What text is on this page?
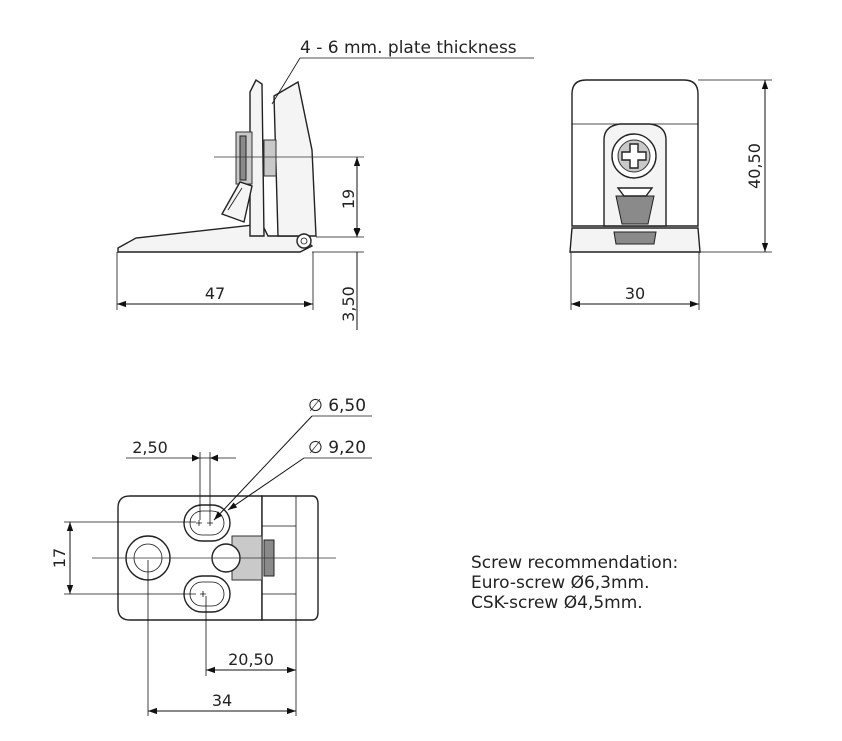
4 - 6 mm. plate thickness
19
3,50
47
40,50
30
2,50
∅ 6,50
∅ 9,20
17
20,50
34
Screw recommendation:
Euro-screw Ø6,3mm.
CSK-screw Ø4,5mm.
